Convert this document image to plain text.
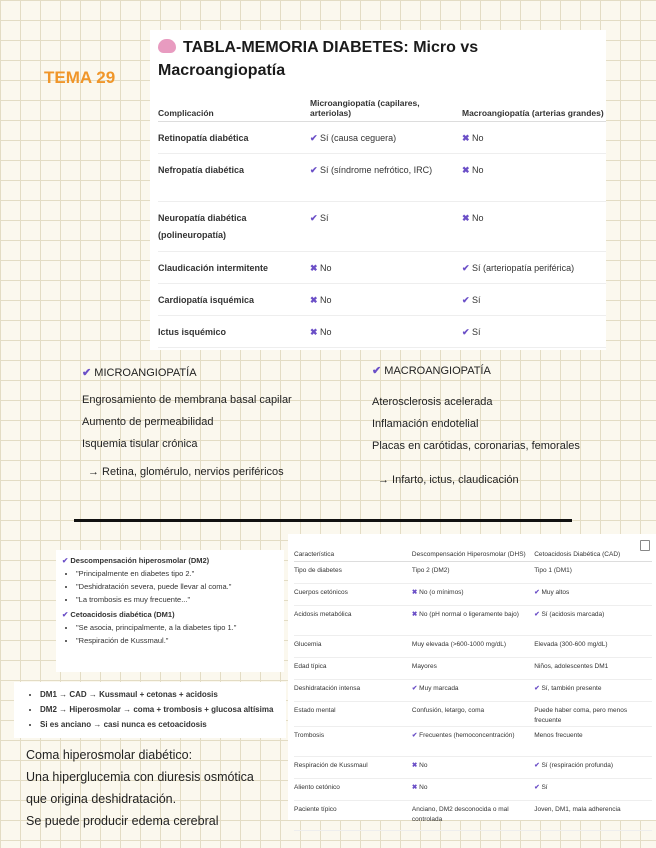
TEMA 29
TABLA-MEMORIA DIABETES: Micro vs Macroangiopatía
Complicación	Microangiopatía (capilares, arteriolas)	Macroangiopatía (arterias grandes)
Retinopatía diabética	✔ Sí (causa ceguera)	✖ No
Nefropatía diabética	✔ Sí (síndrome nefrótico, IRC)	✖ No
Neuropatía diabética (polineuropatía)	✔ Sí	✖ No
Claudicación intermitente	✖ No	✔ Sí (arteriopatía periférica)
Cardiopatía isquémica	✖ No	✔ Sí
Ictus isquémico	✖ No	✔ Sí
✔ MICROANGIOPATÍA
Engrosamiento de membrana basal capilar
Aumento de permeabilidad
Isquemia tisular crónica
→ Retina, glomérulo, nervios periféricos
✔ MACROANGIOPATÍA
Aterosclerosis acelerada
Inflamación endotelial
Placas en carótidas, coronarias, femorales
→ Infarto, ictus, claudicación
✔ Descompensación hiperosmolar (DM2)
• "Principalmente en diabetes tipo 2."
• "Deshidratación severa, puede llevar al coma."
• "La trombosis es muy frecuente..."
✔ Cetoacidosis diabética (DM1)
• "Se asocia, principalmente, a la diabetes tipo 1."
• "Respiración de Kussmaul."
• DM1 → CAD → Kussmaul + cetonas + acidosis
• DM2 → Hiperosmolar → coma + trombosis + glucosa altísima
• Si es anciano → casi nunca es cetoacidosis
Coma hiperosmolar diabético:
Una hiperglucemia con diuresis osmótica
que origina deshidratación.
Se puede producir edema cerebral
Característica	Descompensación Hiperosmolar (DHS)	Cetoacidosis Diabética (CAD)
Tipo de diabetes	Tipo 2 (DM2)	Tipo 1 (DM1)
Cuerpos cetónicos	✖ No (o mínimos)	✔ Muy altos
Acidosis metabólica	✖ No (pH normal o ligeramente bajo)	✔ Sí (acidosis marcada)
Glucemia	Muy elevada (>600-1000 mg/dL)	Elevada (300-600 mg/dL)
Edad típica	Mayores	Niños, adolescentes DM1
Deshidratación intensa	✔ Muy marcada	✔ Sí, también presente
Estado mental	Confusión, letargo, coma	Puede haber coma, pero menos frecuente
Trombosis	✔ Frecuentes (hemoconcentración)	Menos frecuente
Respiración de Kussmaul	✖ No	✔ Sí (respiración profunda)
Aliento cetónico	✖ No	✔ Sí
Paciente típico	Anciano, DM2 desconocida o mal controlada	Joven, DM1, mala adherencia
